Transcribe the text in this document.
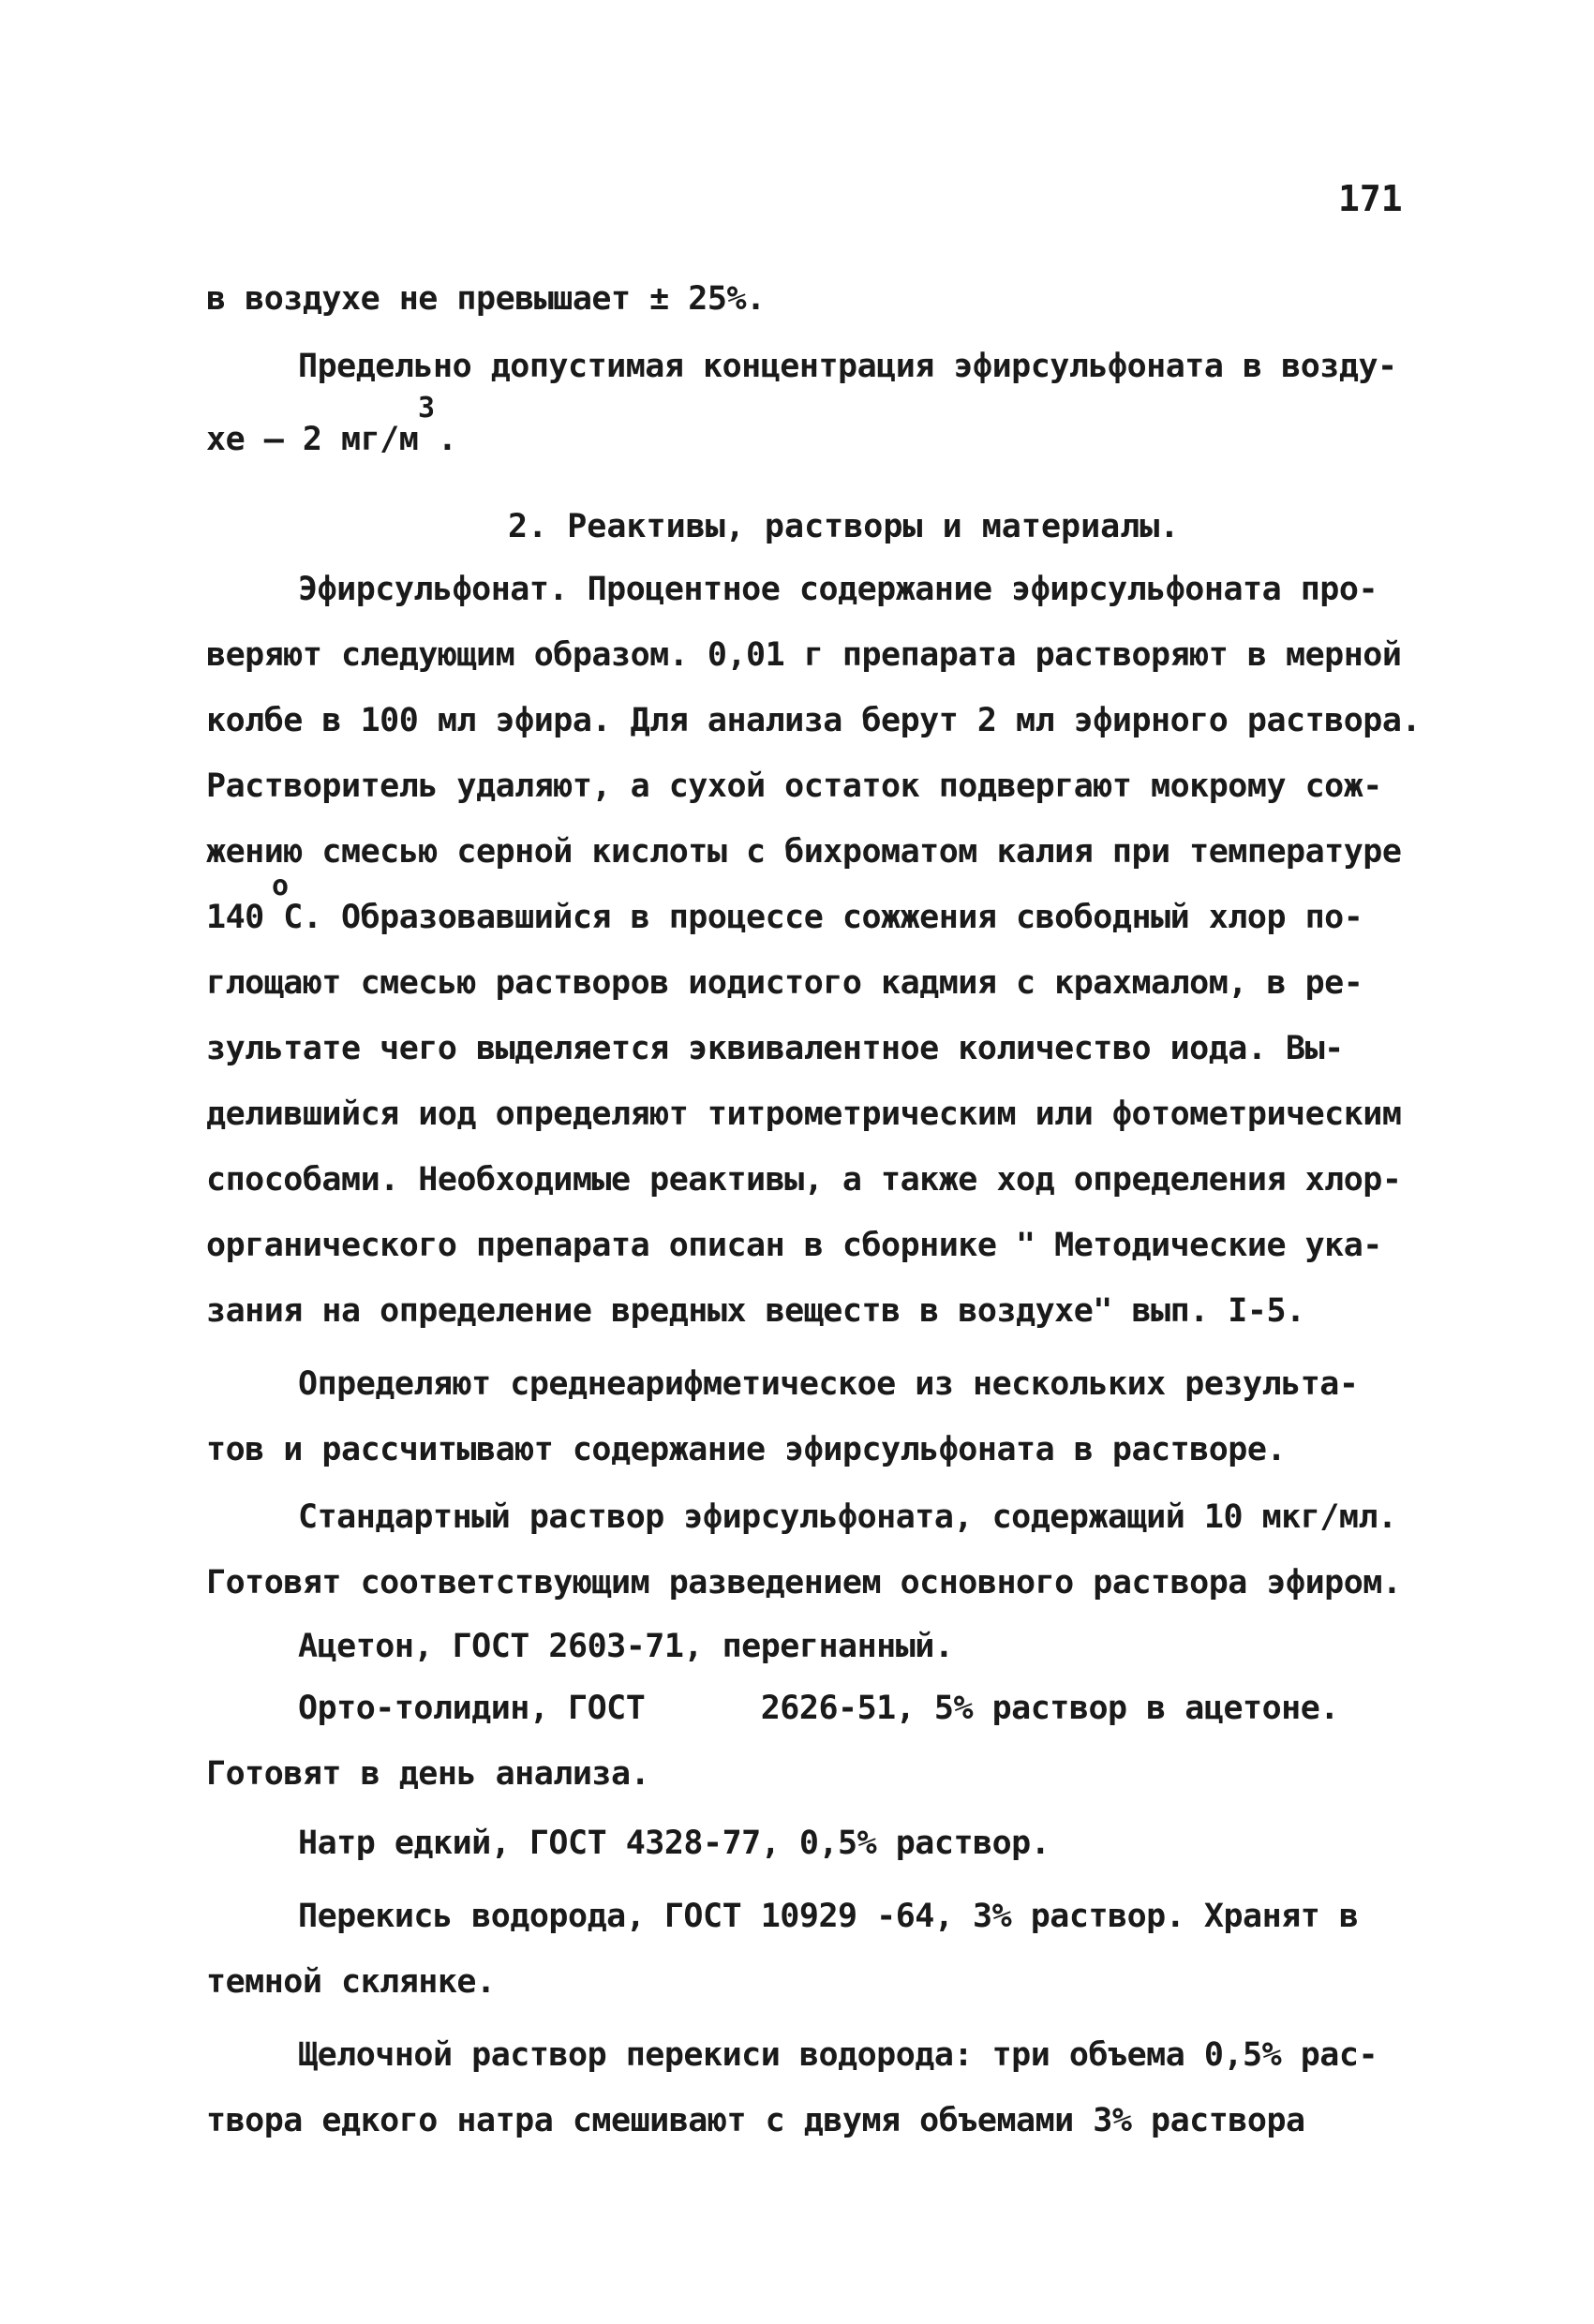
171
в воздухе не превышает ± 25%.
Предельно допустимая концентрация эфирсульфоната в возду-
3
хе – 2 мг/м .
2. Реактивы, растворы и материалы.
Эфирсульфонат. Процентное содержание эфирсульфоната про-
веряют следующим образом. 0,01 г препарата растворяют в мерной
колбе в 100 мл эфира. Для анализа берут 2 мл эфирного раствора.
Растворитель удаляют, а сухой остаток подвергают мокрому сож-
жению смесью серной кислоты с бихроматом калия при температуре
o
140 С. Образовавшийся в процессе сожжения свободный хлор по-
глощают смесью растворов иодистого кадмия с крахмалом, в ре-
зультате чего выделяется эквивалентное количество иода. Вы-
делившийся иод определяют титрометрическим или фотометрическим
способами. Необходимые реактивы, а также ход определения хлор-
органического препарата описан в сборнике " Методические ука-
зания на определение вредных веществ в воздухе" вып. I-5.
Определяют среднеарифметическое из нескольких результа-
тов и рассчитывают содержание эфирсульфоната в растворе.
Стандартный раствор эфирсульфоната, содержащий 10 мкг/мл.
Готовят соответствующим разведением основного раствора эфиром.
Ацетон, ГОСТ 2603-71, перегнанный.
Орто-толидин, ГОСТ      2626-51, 5% раствор в ацетоне.
Готовят в день анализа.
Натр едкий, ГОСТ 4328-77, 0,5% раствор.
Перекись водорода, ГОСТ 10929 -64, 3% раствор. Хранят в
темной склянке.
Щелочной раствор перекиси водорода: три объема 0,5% рас-
твора едкого натра смешивают с двумя объемами 3% раствора
